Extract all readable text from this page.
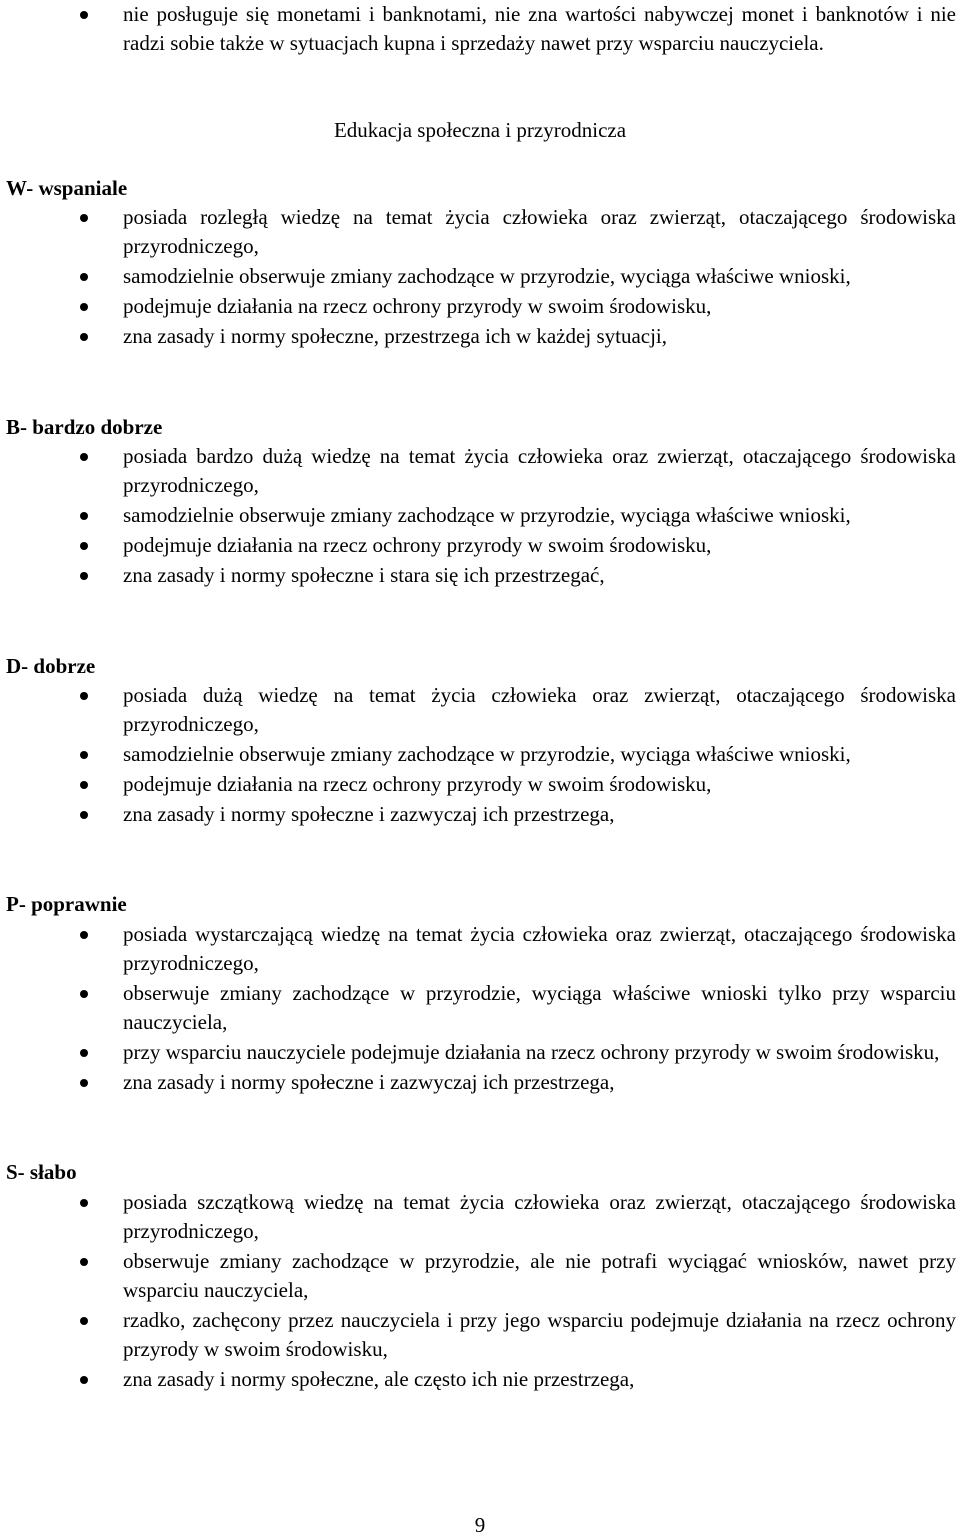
nie posługuje się monetami i banknotami, nie zna wartości nabywczej monet i banknotów i nie radzi sobie także w sytuacjach kupna i sprzedaży nawet przy wsparciu nauczyciela.
Edukacja społeczna i przyrodnicza
W- wspaniale
posiada rozległą wiedzę na temat życia człowieka oraz zwierząt, otaczającego środowiska przyrodniczego,
samodzielnie obserwuje zmiany zachodzące w przyrodzie, wyciąga właściwe wnioski,
podejmuje działania na rzecz ochrony przyrody w swoim środowisku,
zna zasady i normy społeczne, przestrzega ich w każdej sytuacji,
B- bardzo dobrze
posiada bardzo dużą wiedzę na temat życia człowieka oraz zwierząt, otaczającego środowiska przyrodniczego,
samodzielnie obserwuje zmiany zachodzące w przyrodzie, wyciąga właściwe wnioski,
podejmuje działania na rzecz ochrony przyrody w swoim środowisku,
zna zasady i normy społeczne i stara się ich przestrzegać,
D- dobrze
posiada dużą wiedzę na temat życia człowieka oraz zwierząt, otaczającego środowiska przyrodniczego,
samodzielnie obserwuje zmiany zachodzące w przyrodzie, wyciąga właściwe wnioski,
podejmuje działania na rzecz ochrony przyrody w swoim środowisku,
zna zasady i normy społeczne i zazwyczaj ich przestrzega,
P- poprawnie
posiada wystarczającą wiedzę na temat życia człowieka oraz zwierząt, otaczającego środowiska przyrodniczego,
obserwuje zmiany zachodzące w przyrodzie, wyciąga właściwe wnioski tylko przy wsparciu nauczyciela,
przy wsparciu nauczyciele podejmuje działania na rzecz ochrony przyrody w swoim środowisku,
zna zasady i normy społeczne i zazwyczaj ich przestrzega,
S- słabo
posiada szczątkową wiedzę na temat życia człowieka oraz zwierząt, otaczającego środowiska przyrodniczego,
obserwuje zmiany zachodzące w przyrodzie, ale nie potrafi wyciągać wniosków, nawet przy wsparciu nauczyciela,
rzadko, zachęcony przez nauczyciela i przy jego wsparciu podejmuje działania na rzecz ochrony przyrody w swoim środowisku,
zna zasady i normy społeczne, ale często ich nie przestrzega,
9
